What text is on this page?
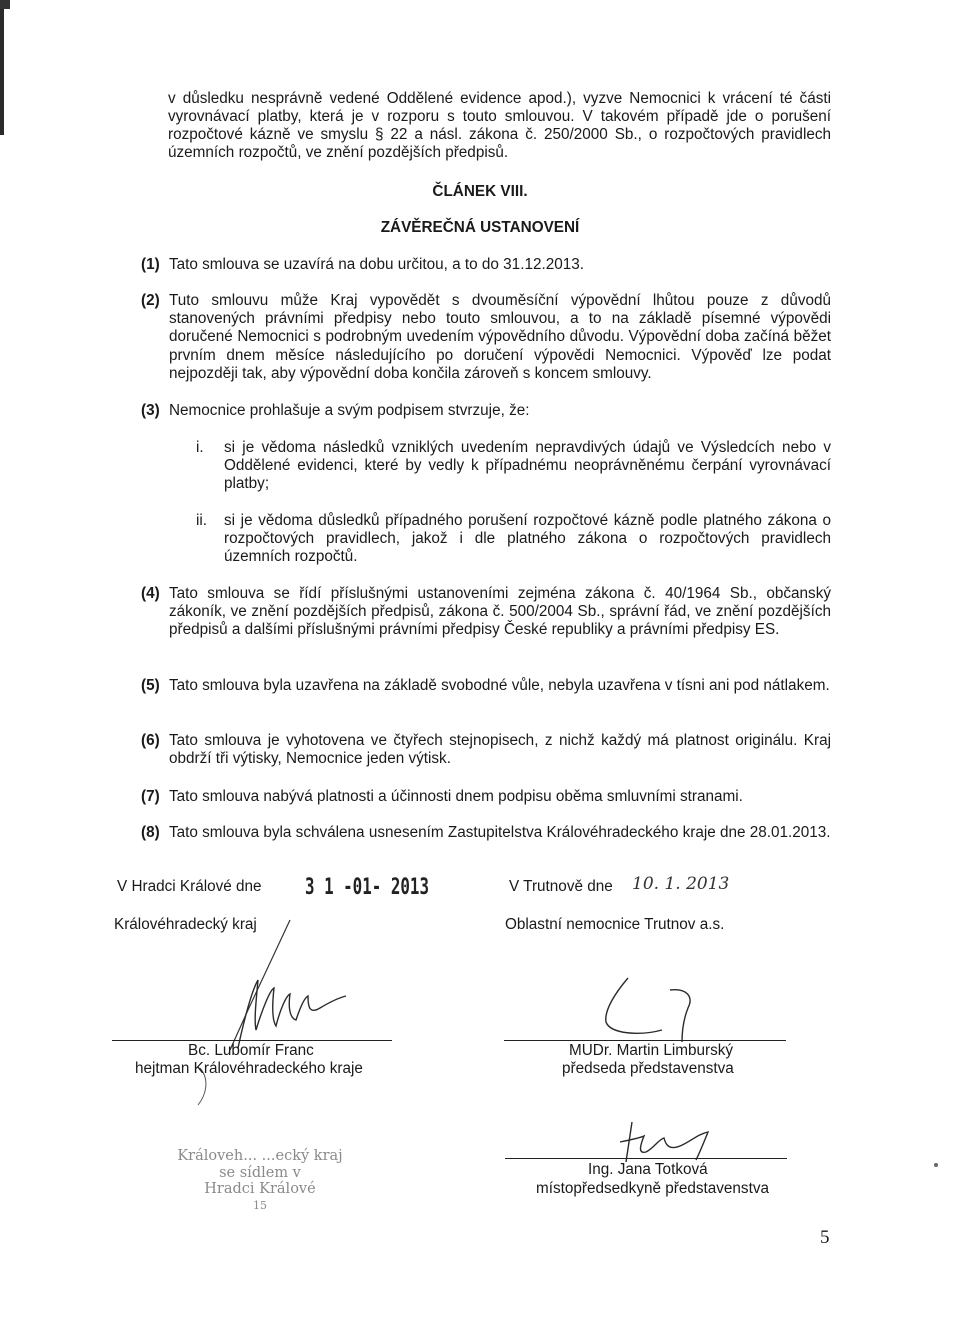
v důsledku nesprávně vedené Oddělené evidence apod.), vyzve Nemocnici k vrácení té části
vyrovnávací platby, která je v rozporu s touto smlouvou. V takovém případě jde o porušení
rozpočtové kázně ve smyslu § 22 a násl. zákona č. 250/2000 Sb., o rozpočtových pravidlech
územních rozpočtů, ve znění pozdějších předpisů.
ČLÁNEK VIII.
ZÁVĚREČNÁ USTANOVENÍ
(1) Tato smlouva se uzavírá na dobu určitou, a to do 31.12.2013.
(2) Tuto smlouvu může Kraj vypovědět s dvouměsíční výpovědní lhůtou pouze z důvodů stanovených právními předpisy nebo touto smlouvou, a to na základě písemné výpovědi doručené Nemocnici s podrobným uvedením výpovědního důvodu. Výpovědní doba začíná běžet prvním dnem měsíce následujícího po doručení výpovědi Nemocnici. Výpověď lze podat nejpozději tak, aby výpovědní doba končila zároveň s koncem smlouvy.
(3) Nemocnice prohlašuje a svým podpisem stvrzuje, že:
i. si je vědoma následků vzniklých uvedením nepravdivých údajů ve Výsledcích nebo v Oddělené evidenci, které by vedly k případnému neoprávněnému čerpání vyrovnávací platby;
ii. si je vědoma důsledků případného porušení rozpočtové kázně podle platného zákona o rozpočtových pravidlech, jakož i dle platného zákona o rozpočtových pravidlech územních rozpočtů.
(4) Tato smlouva se řídí příslušnými ustanoveními zejména zákona č. 40/1964 Sb., občanský zákoník, ve znění pozdějších předpisů, zákona č. 500/2004 Sb., správní řád, ve znění pozdějších předpisů a dalšími příslušnými právními předpisy České republiky a právními předpisy ES.
(5) Tato smlouva byla uzavřena na základě svobodné vůle, nebyla uzavřena v tísni ani pod nátlakem.
(6) Tato smlouva je vyhotovena ve čtyřech stejnopisech, z nichž každý má platnost originálu. Kraj obdrží tři výtisky, Nemocnice jeden výtisk.
(7) Tato smlouva nabývá platnosti a účinnosti dnem podpisu oběma smluvními stranami.
(8) Tato smlouva byla schválena usnesením Zastupitelstva Královéhradeckého kraje dne 28.01.2013.
V Hradci Králové dne 3 1 -01- 2013
Královéhradecký kraj
Bc. Lubomír Franc
hejtman Královéhradeckého kraje
Královeh... ...ecký kraj
se sídlem v
Hradci Králové
15
V Trutnově dne 10. 1. 2013
Oblastní nemocnice Trutnov a.s.
MUDr. Martin Limburský
předseda představenstva
Ing. Jana Totková
místopředsedkyně představenstva
5
